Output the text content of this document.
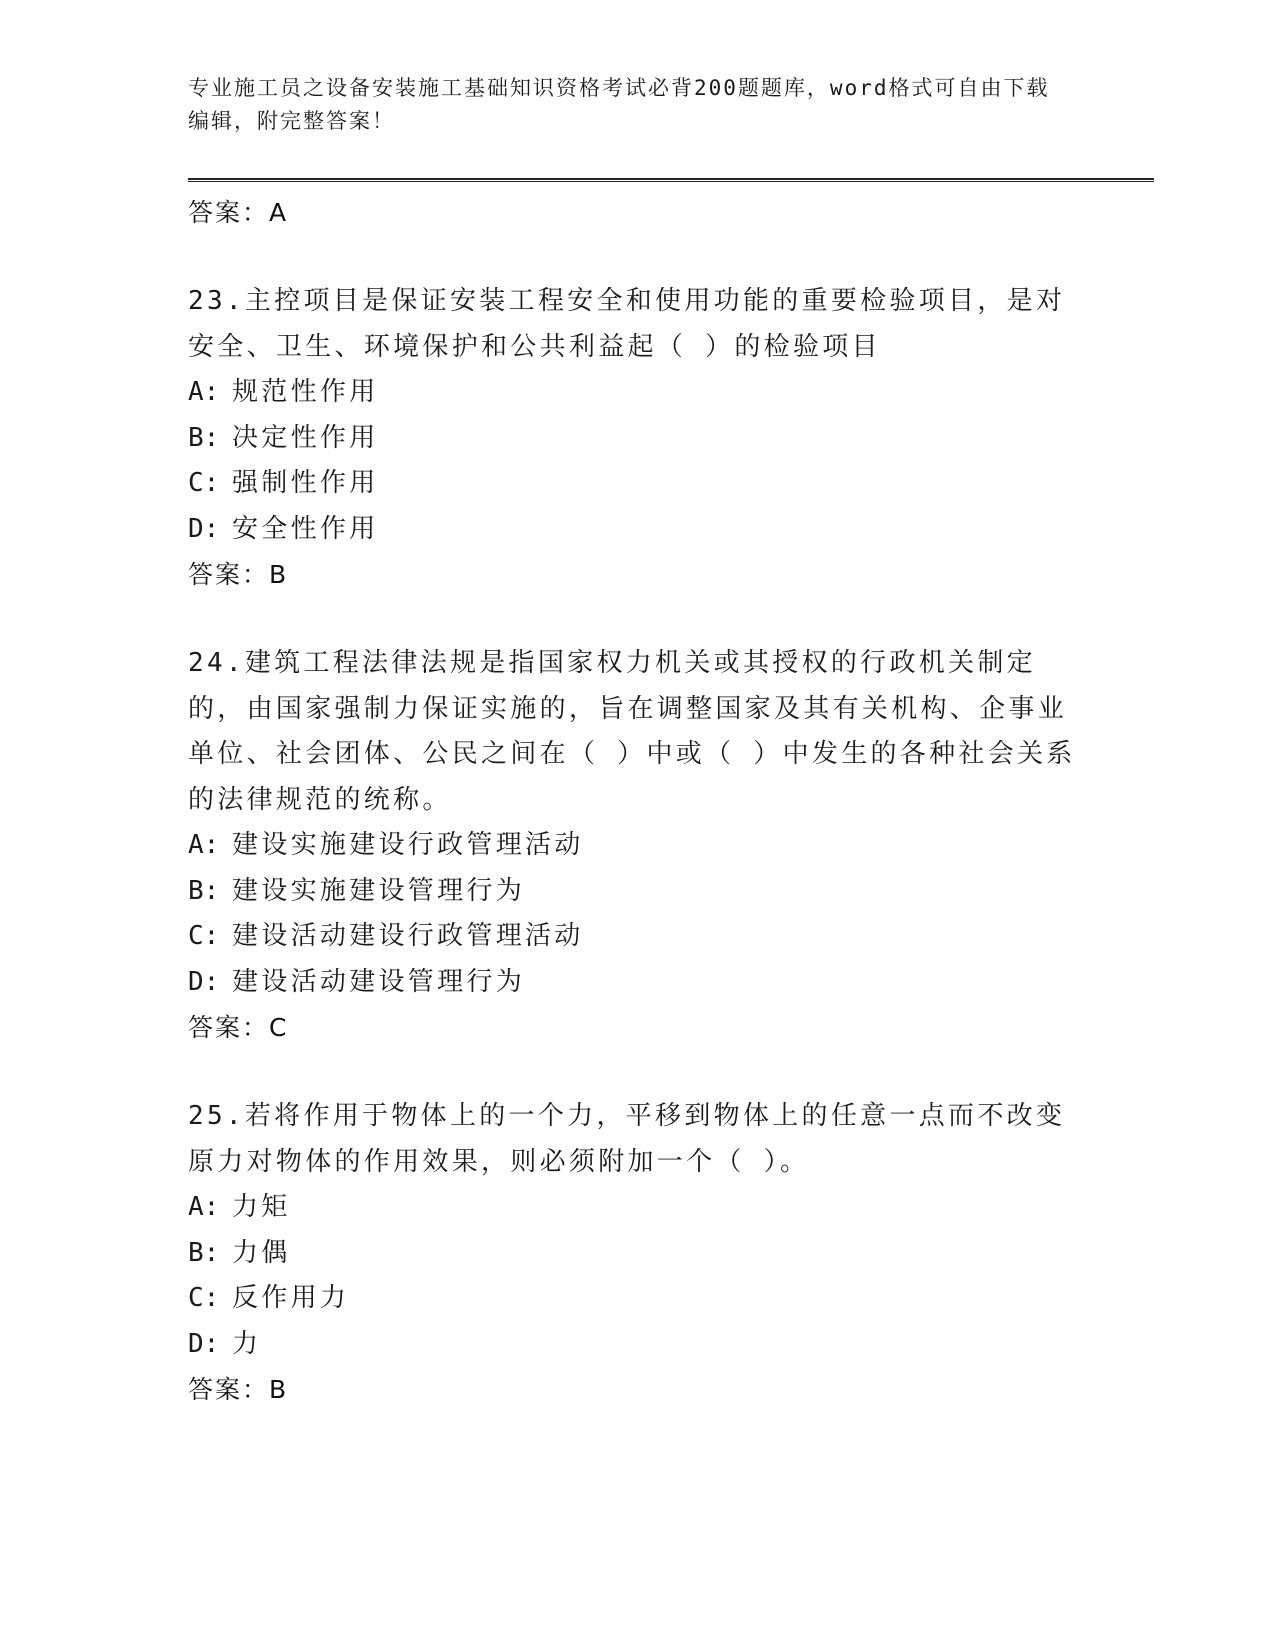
专业施工员之设备安装施工基础知识资格考试必背200题题库，word格式可自由下载编辑，附完整答案！

答案：A

23.主控项目是保证安装工程安全和使用功能的重要检验项目，是对安全、卫生、环境保护和公共利益起（ ）的检验项目

A: 规范性作用

B: 决定性作用

C: 强制性作用

D: 安全性作用

答案：B

24.建筑工程法律法规是指国家权力机关或其授权的行政机关制定的，由国家强制力保证实施的，旨在调整国家及其有关机构、企事业单位、社会团体、公民之间在（ ）中或（ ）中发生的各种社会关系的法律规范的统称。

A: 建设实施建设行政管理活动

B: 建设实施建设管理行为

C: 建设活动建设行政管理活动

D: 建设活动建设管理行为

答案：C

25.若将作用于物体上的一个力，平移到物体上的任意一点而不改变原力对物体的作用效果，则必须附加一个（ ）。

A: 力矩

B: 力偶

C: 反作用力

D: 力

答案：B
